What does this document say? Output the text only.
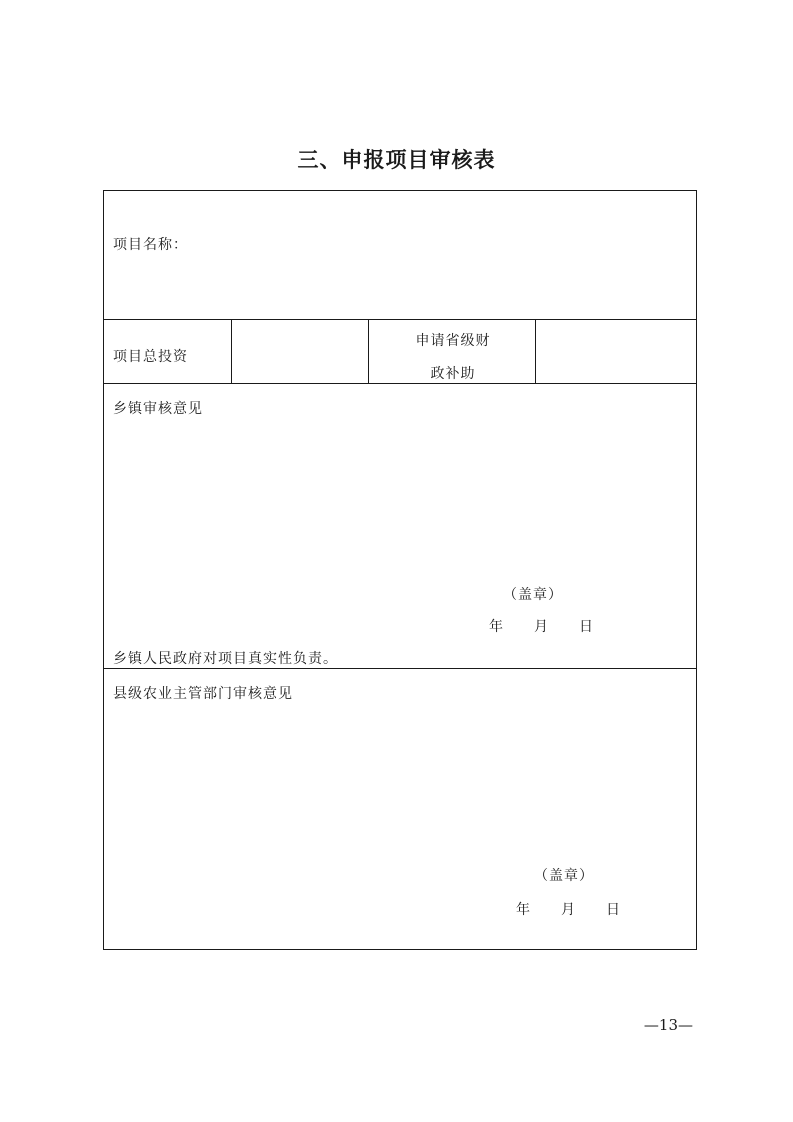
三、申报项目审核表
项目名称：
项目总投资
申请省级财
政补助
乡镇审核意见
（盖章）
年　　月　　日
乡镇人民政府对项目真实性负责。
县级农业主管部门审核意见
（盖章）
年　　月　　日
—13—
